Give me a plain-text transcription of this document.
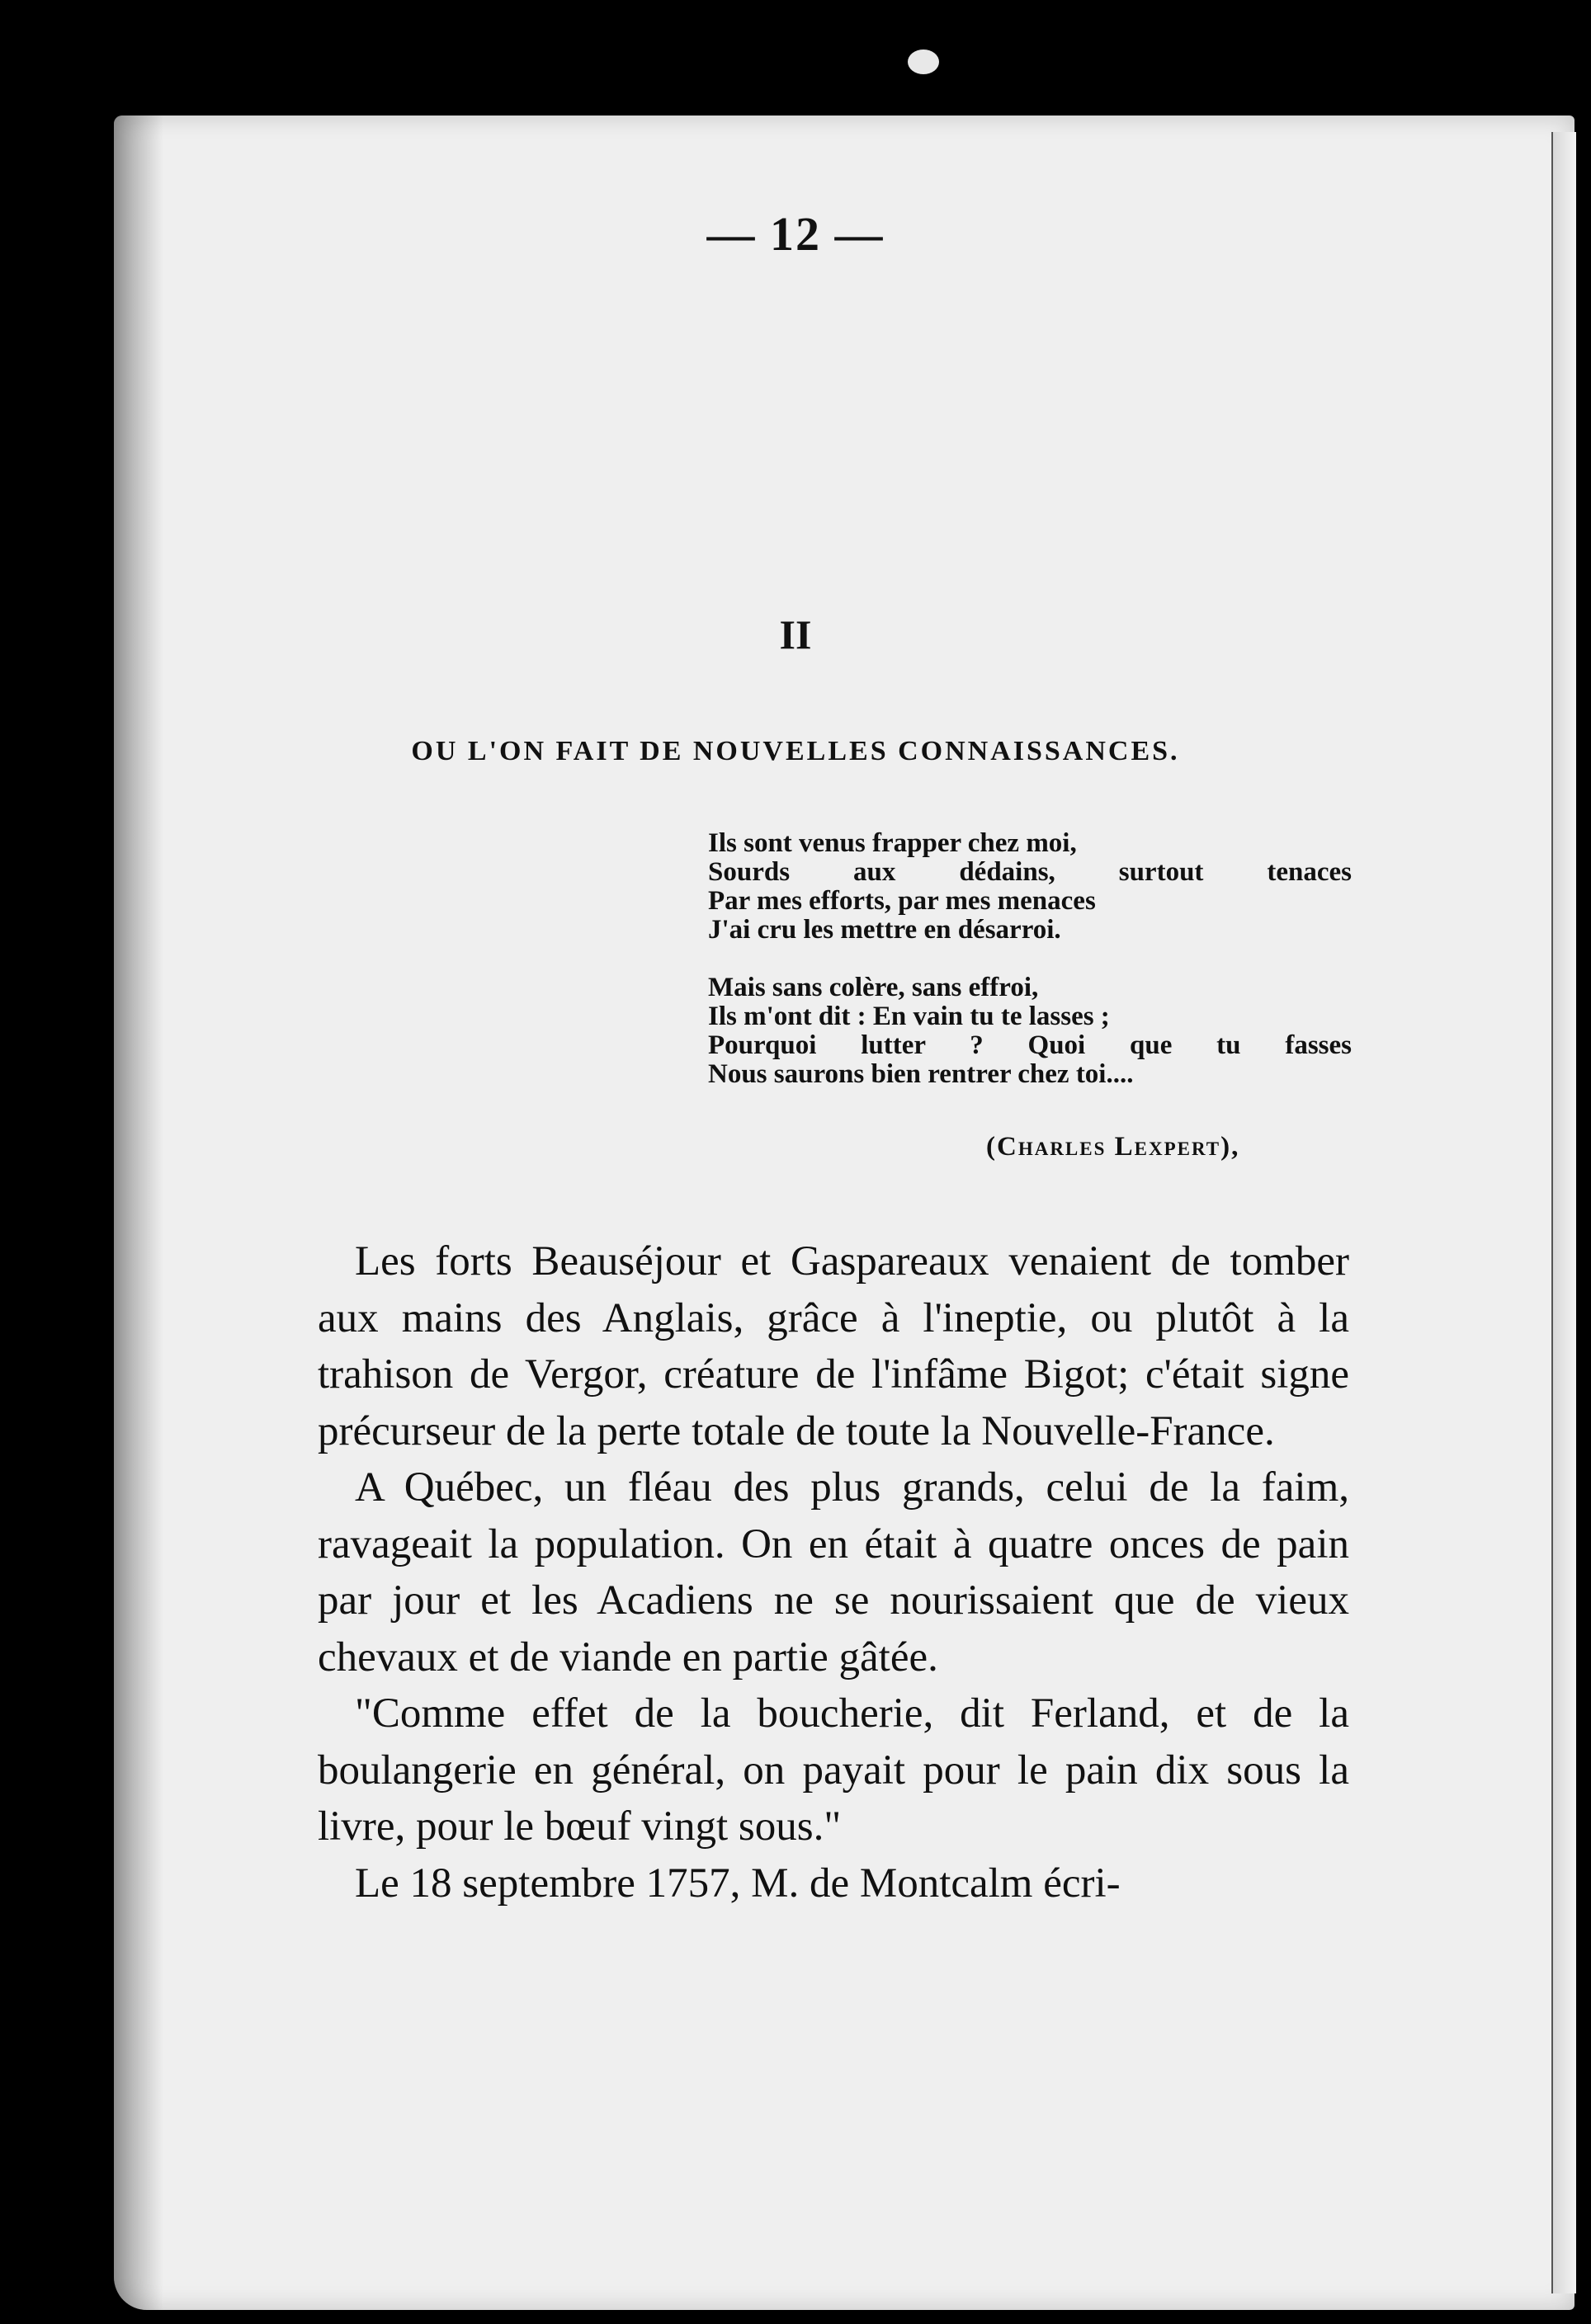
— 12 —
II
OU L'ON FAIT DE NOUVELLES CONNAISSANCES.
Ils sont venus frapper chez moi,
Sourds aux dédains, surtout tenaces
Par mes efforts, par mes menaces
J'ai cru les mettre en désarroi.
Mais sans colère, sans effroi,
Ils m'ont dit : En vain tu te lasses ;
Pourquoi lutter ? Quoi que tu fasses
Nous saurons bien rentrer chez toi....
(Charles Lexpert),

Les forts Beauséjour et Gaspareaux venaient de tomber aux mains des Anglais, grâce à l'ineptie, ou plutôt à la trahison de Vergor, créature de l'infâme Bigot; c'était signe précurseur de la perte totale de toute la Nouvelle-France.

A Québec, un fléau des plus grands, celui de la faim, ravageait la population. On en était à quatre onces de pain par jour et les Acadiens ne se nourissaient que de vieux chevaux et de viande en partie gâtée.

"Comme effet de la boucherie, dit Ferland, et de la boulangerie en général, on payait pour le pain dix sous la livre, pour le bœuf vingt sous."

Le 18 septembre 1757, M. de Montcalm écri-
